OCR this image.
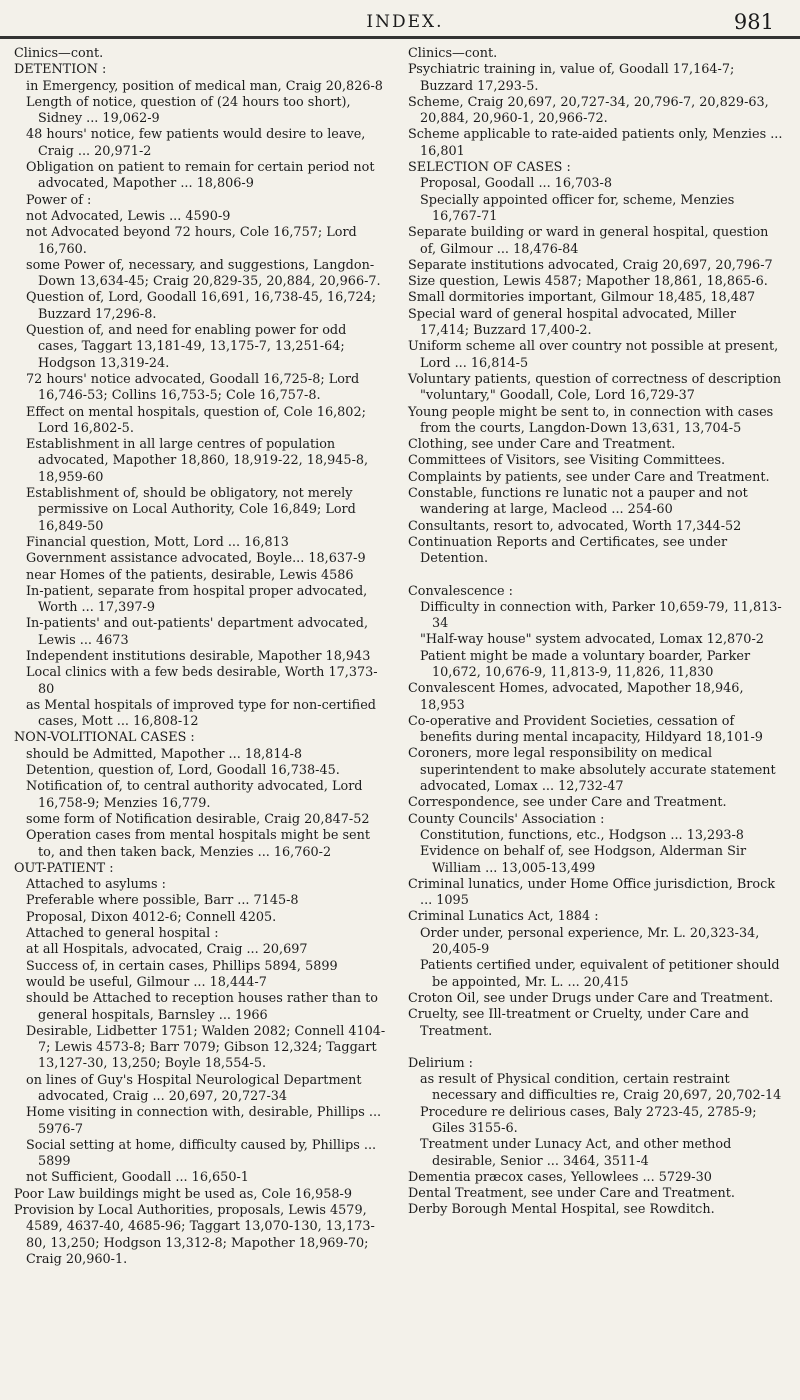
INDEX.	981

Clinics—cont.

DETENTION :

in Emergency, position of medical man, Craig 20,826-8

Length of notice, question of (24 hours too short), Sidney ... 19,062-9

48 hours' notice, few patients would desire to leave, Craig ... 20,971-2

Obligation on patient to remain for certain period not advocated, Mapother ... 18,806-9

Power of :

not Advocated, Lewis ... 4590-9

not Advocated beyond 72 hours, Cole 16,757; Lord 16,760.

some Power of, necessary, and suggestions, Langdon-Down 13,634-45; Craig 20,829-35, 20,884, 20,966-7.

Question of, Lord, Goodall 16,691, 16,738-45, 16,724; Buzzard 17,296-8.

Question of, and need for enabling power for odd cases, Taggart 13,181-49, 13,175-7, 13,251-64; Hodgson 13,319-24.

72 hours' notice advocated, Goodall 16,725-8; Lord 16,746-53; Collins 16,753-5; Cole 16,757-8.

Effect on mental hospitals, question of, Cole 16,802; Lord 16,802-5.

Establishment in all large centres of population advocated, Mapother 18,860, 18,919-22, 18,945-8, 18,959-60

Establishment of, should be obligatory, not merely permissive on Local Authority, Cole 16,849; Lord 16,849-50

Financial question, Mott, Lord ... 16,813

Government assistance advocated, Boyle... 18,637-9

near Homes of the patients, desirable, Lewis 4586

In-patient, separate from hospital proper advocated, Worth ... 17,397-9

In-patients' and out-patients' department advocated, Lewis ... 4673

Independent institutions desirable, Mapother 18,943

Local clinics with a few beds desirable, Worth 17,373-80

as Mental hospitals of improved type for non-certified cases, Mott ... 16,808-12

NON-VOLITIONAL CASES :

should be Admitted, Mapother ... 18,814-8

Detention, question of, Lord, Goodall 16,738-45.

Notification of, to central authority advocated, Lord 16,758-9; Menzies 16,779.

some form of Notification desirable, Craig 20,847-52

Operation cases from mental hospitals might be sent to, and then taken back, Menzies ... 16,760-2

OUT-PATIENT :

Attached to asylums :

Preferable where possible, Barr ... 7145-8

Proposal, Dixon 4012-6; Connell 4205.

Attached to general hospital :

at all Hospitals, advocated, Craig ... 20,697

Success of, in certain cases, Phillips 5894, 5899

would be useful, Gilmour ... 18,444-7

should be Attached to reception houses rather than to general hospitals, Barnsley ... 1966

Desirable, Lidbetter 1751; Walden 2082; Connell 4104-7; Lewis 4573-8; Barr 7079; Gibson 12,324; Taggart 13,127-30, 13,250; Boyle 18,554-5.

on lines of Guy's Hospital Neurological Department advocated, Craig ... 20,697, 20,727-34

Home visiting in connection with, desirable, Phillips ... 5976-7

Social setting at home, difficulty caused by, Phillips ... 5899

not Sufficient, Goodall ... 16,650-1

Poor Law buildings might be used as, Cole 16,958-9

Provision by Local Authorities, proposals, Lewis 4579, 4589, 4637-40, 4685-96; Taggart 13,070-130, 13,173-80, 13,250; Hodgson 13,312-8; Mapother 18,969-70; Craig 20,960-1.

Clinics—cont.

Psychiatric training in, value of, Goodall 17,164-7; Buzzard 17,293-5.

Scheme, Craig 20,697, 20,727-34, 20,796-7, 20,829-63, 20,884, 20,960-1, 20,966-72.

Scheme applicable to rate-aided patients only, Menzies ... 16,801

SELECTION OF CASES :

Proposal, Goodall ... 16,703-8

Specially appointed officer for, scheme, Menzies 16,767-71

Separate building or ward in general hospital, question of, Gilmour ... 18,476-84

Separate institutions advocated, Craig 20,697, 20,796-7

Size question, Lewis 4587; Mapother 18,861, 18,865-6.

Small dormitories important, Gilmour 18,485, 18,487

Special ward of general hospital advocated, Miller 17,414; Buzzard 17,400-2.

Uniform scheme all over country not possible at present, Lord ... 16,814-5

Voluntary patients, question of correctness of description "voluntary," Goodall, Cole, Lord 16,729-37

Young people might be sent to, in connection with cases from the courts, Langdon-Down 13,631, 13,704-5

Clothing, see under Care and Treatment.

Committees of Visitors, see Visiting Committees.

Complaints by patients, see under Care and Treatment.

Constable, functions re lunatic not a pauper and not wandering at large, Macleod ... 254-60

Consultants, resort to, advocated, Worth 17,344-52

Continuation Reports and Certificates, see under Detention.

Convalescence :

Difficulty in connection with, Parker 10,659-79, 11,813-34

"Half-way house" system advocated, Lomax 12,870-2

Patient might be made a voluntary boarder, Parker 10,672, 10,676-9, 11,813-9, 11,826, 11,830

Convalescent Homes, advocated, Mapother 18,946, 18,953

Co-operative and Provident Societies, cessation of benefits during mental incapacity, Hildyard 18,101-9

Coroners, more legal responsibility on medical superintendent to make absolutely accurate statement advocated, Lomax ... 12,732-47

Correspondence, see under Care and Treatment.

County Councils' Association :

Constitution, functions, etc., Hodgson ... 13,293-8

Evidence on behalf of, see Hodgson, Alderman Sir William ... 13,005-13,499

Criminal lunatics, under Home Office jurisdiction, Brock ... 1095

Criminal Lunatics Act, 1884 :

Order under, personal experience, Mr. L. 20,323-34, 20,405-9

Patients certified under, equivalent of petitioner should be appointed, Mr. L. ... 20,415

Croton Oil, see under Drugs under Care and Treatment.

Cruelty, see Ill-treatment or Cruelty, under Care and Treatment.

Delirium :

as result of Physical condition, certain restraint necessary and difficulties re, Craig 20,697, 20,702-14

Procedure re delirious cases, Baly 2723-45, 2785-9; Giles 3155-6.

Treatment under Lunacy Act, and other method desirable, Senior ... 3464, 3511-4

Dementia præcox cases, Yellowlees ... 5729-30

Dental Treatment, see under Care and Treatment.

Derby Borough Mental Hospital, see Rowditch.
